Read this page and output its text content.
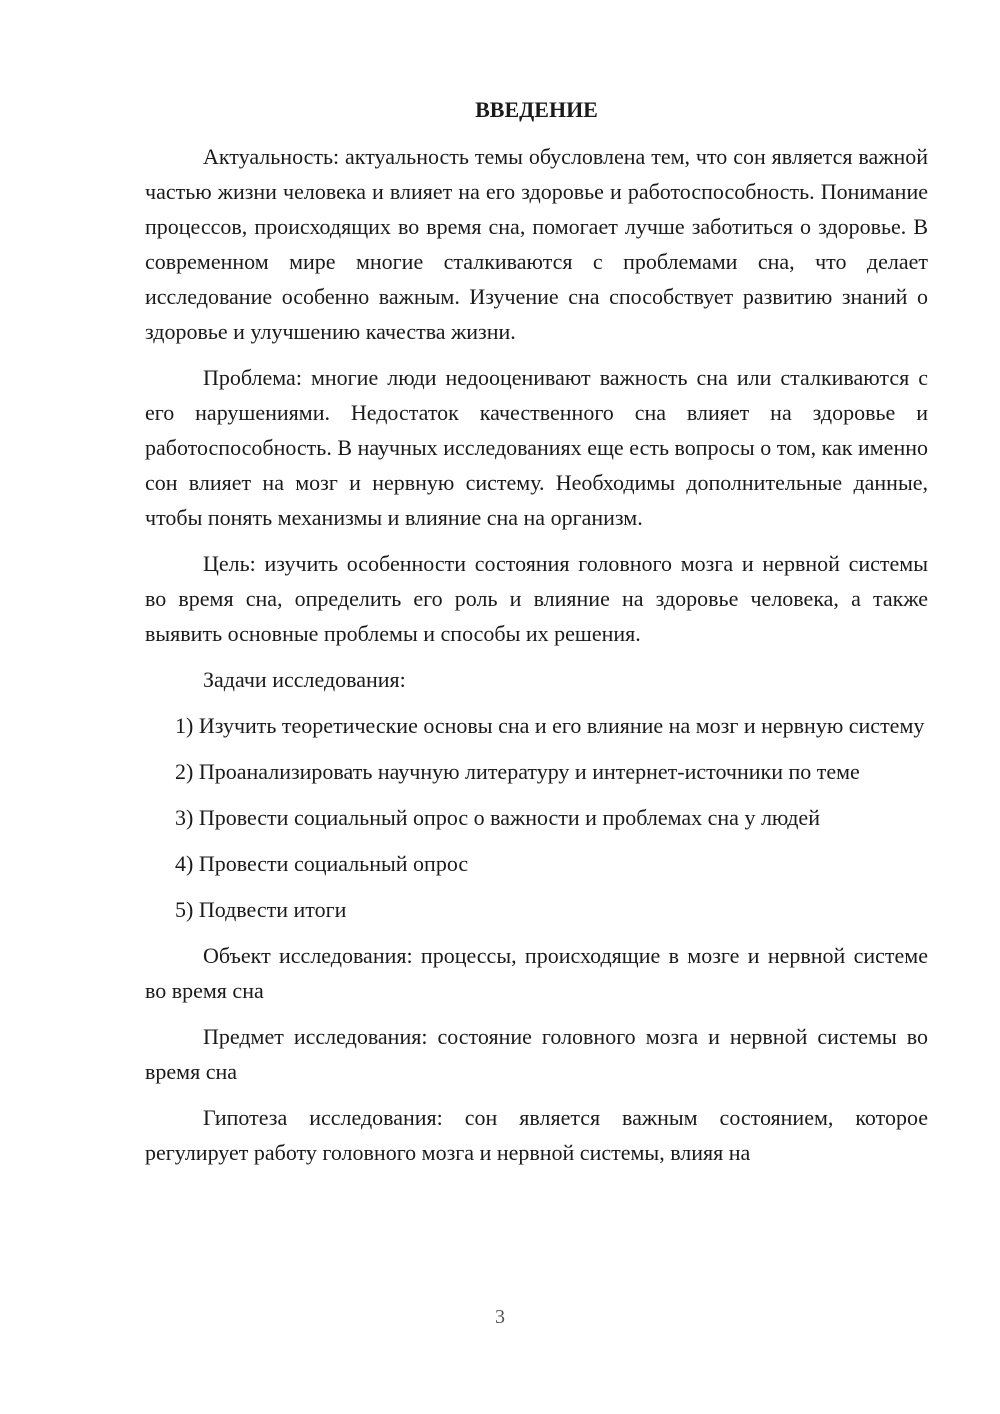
ВВЕДЕНИЕ

Актуальность: актуальность темы обусловлена тем, что сон является важной частью жизни человека и влияет на его здоровье и работоспособность. Понимание процессов, происходящих во время сна, помогает лучше заботиться о здоровье. В современном мире многие сталкиваются с проблемами сна, что делает исследование особенно важным. Изучение сна способствует развитию знаний о здоровье и улучшению качества жизни.

Проблема: многие люди недооценивают важность сна или сталкиваются с его нарушениями. Недостаток качественного сна влияет на здоровье и работоспособность. В научных исследованиях еще есть вопросы о том, как именно сон влияет на мозг и нервную систему. Необходимы дополнительные данные, чтобы понять механизмы и влияние сна на организм.

Цель: изучить особенности состояния головного мозга и нервной системы во время сна, определить его роль и влияние на здоровье человека, а также выявить основные проблемы и способы их решения.

Задачи исследования:

1) Изучить теоретические основы сна и его влияние на мозг и нервную систему

2) Проанализировать научную литературу и интернет-источники по теме

3) Провести социальный опрос о важности и проблемах сна у людей

4) Провести социальный опрос

5) Подвести итоги

Объект исследования: процессы, происходящие в мозге и нервной системе во время сна

Предмет исследования: состояние головного мозга и нервной системы во время сна

Гипотеза исследования: сон является важным состоянием, которое регулирует работу головного мозга и нервной системы, влияя на

3
